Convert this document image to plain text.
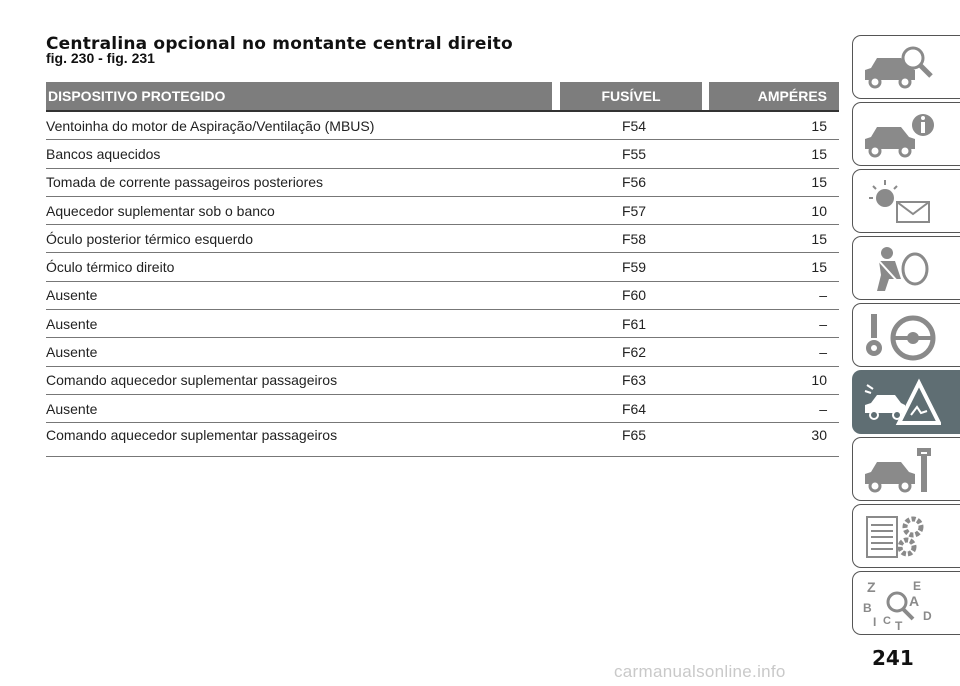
Centralina opcional no montante central direito
fig. 230 - fig. 231
DISPOSITIVO PROTEGIDO	FUSÍVEL	AMPÉRES
Ventoinha do motor de Aspiração/Ventilação (MBUS)	F54	15
Bancos aquecidos	F55	15
Tomada de corrente passageiros posteriores	F56	15
Aquecedor suplementar sob o banco	F57	10
Óculo posterior térmico esquerdo	F58	15
Óculo térmico direito	F59	15
Ausente	F60	–
Ausente	F61	–
Ausente	F62	–
Comando aquecedor suplementar passageiros	F63	10
Ausente	F64	–
Comando aquecedor suplementar passageiros	F65	30
Z	E
A
B
C	D
I T
241
carmanualsonline.info
